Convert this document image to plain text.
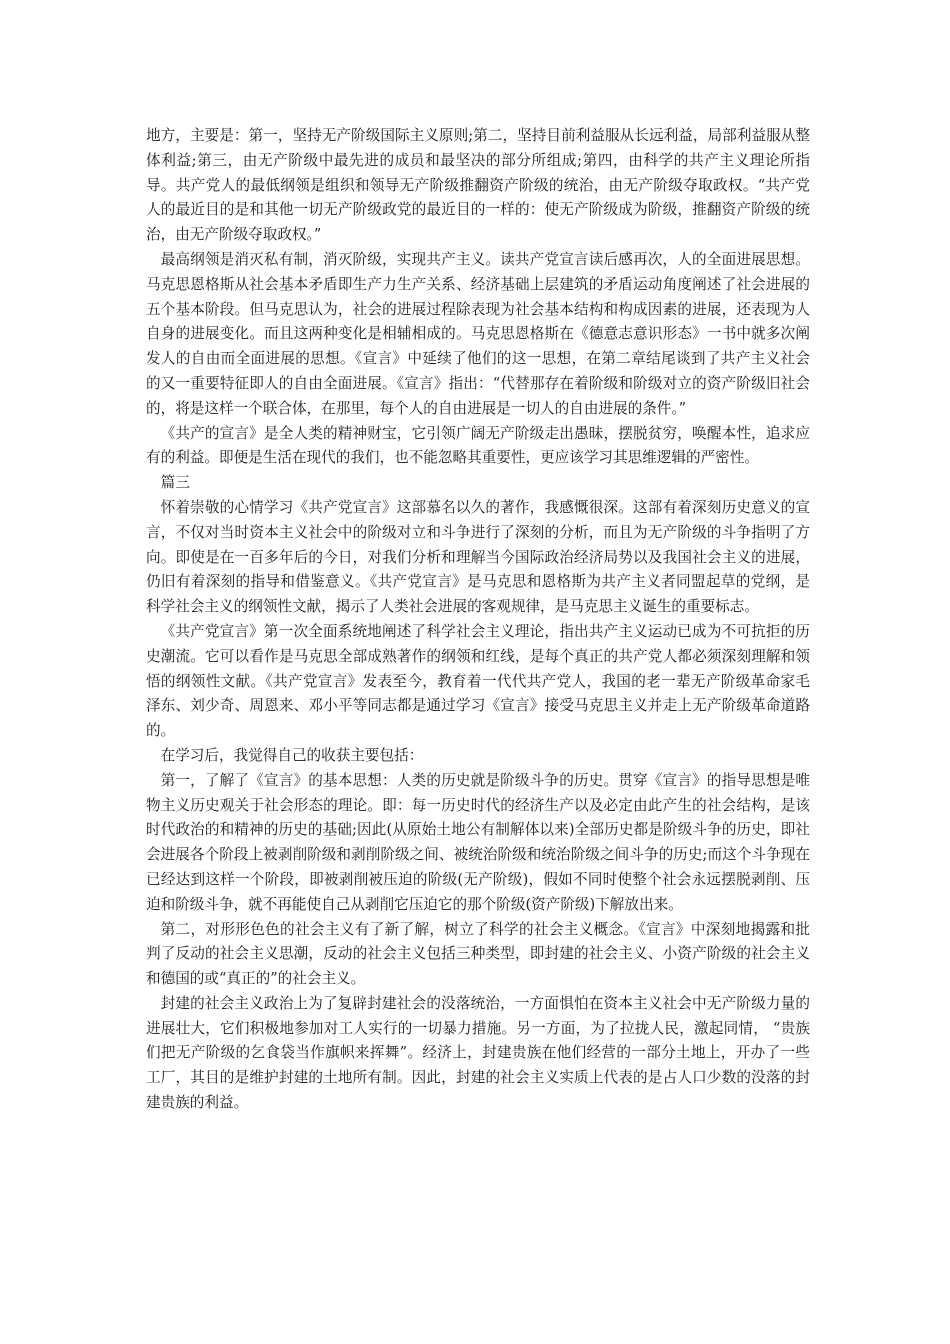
地方，主要是：第一，坚持无产阶级国际主义原则;第二，坚持目前利益服从长远利益，局部利益服从整体利益;第三，由无产阶级中最先进的成员和最坚决的部分所组成;第四，由科学的共产主义理论所指导。共产党人的最低纲领是组织和领导无产阶级推翻资产阶级的统治，由无产阶级夺取政权。“共产党人的最近目的是和其他一切无产阶级政党的最近目的一样的：使无产阶级成为阶级，推翻资产阶级的统治，由无产阶级夺取政权。”

最高纲领是消灭私有制，消灭阶级，实现共产主义。读共产党宣言读后感再次，人的全面进展思想。马克思恩格斯从社会基本矛盾即生产力生产关系、经济基础上层建筑的矛盾运动角度阐述了社会进展的五个基本阶段。但马克思认为，社会的进展过程除表现为社会基本结构和构成因素的进展，还表现为人自身的进展变化。而且这两种变化是相辅相成的。马克思恩格斯在《德意志意识形态》一书中就多次阐发人的自由而全面进展的思想。《宣言》中延续了他们的这一思想，在第二章结尾谈到了共产主义社会的又一重要特征即人的自由全面进展。《宣言》指出：“代替那存在着阶级和阶级对立的资产阶级旧社会的，将是这样一个联合体，在那里，每个人的自由进展是一切人的自由进展的条件。”

《共产的宣言》是全人类的精神财宝，它引领广阔无产阶级走出愚昧，摆脱贫穷，唤醒本性，追求应有的利益。即便是生活在现代的我们，也不能忽略其重要性，更应该学习其思维逻辑的严密性。

篇三

怀着崇敬的心情学习《共产党宣言》这部慕名以久的著作，我感慨很深。这部有着深刻历史意义的宣言，不仅对当时资本主义社会中的阶级对立和斗争进行了深刻的分析，而且为无产阶级的斗争指明了方向。即使是在一百多年后的今日，对我们分析和理解当今国际政治经济局势以及我国社会主义的进展，仍旧有着深刻的指导和借鉴意义。《共产党宣言》是马克思和恩格斯为共产主义者同盟起草的党纲，是科学社会主义的纲领性文献，揭示了人类社会进展的客观规律，是马克思主义诞生的重要标志。

《共产党宣言》第一次全面系统地阐述了科学社会主义理论，指出共产主义运动已成为不可抗拒的历史潮流。它可以看作是马克思全部成熟著作的纲领和红线，是每个真正的共产党人都必须深刻理解和领悟的纲领性文献。《共产党宣言》发表至今，教育着一代代共产党人，我国的老一辈无产阶级革命家毛泽东、刘少奇、周恩来、邓小平等同志都是通过学习《宣言》接受马克思主义并走上无产阶级革命道路的。

在学习后，我觉得自己的收获主要包括：

第一，了解了《宣言》的基本思想：人类的历史就是阶级斗争的历史。贯穿《宣言》的指导思想是唯物主义历史观关于社会形态的理论。即：每一历史时代的经济生产以及必定由此产生的社会结构，是该时代政治的和精神的历史的基础;因此(从原始土地公有制解体以来)全部历史都是阶级斗争的历史，即社会进展各个阶段上被剥削阶级和剥削阶级之间、被统治阶级和统治阶级之间斗争的历史;而这个斗争现在已经达到这样一个阶段，即被剥削被压迫的阶级(无产阶级)，假如不同时使整个社会永远摆脱剥削、压迫和阶级斗争，就不再能使自己从剥削它压迫它的那个阶级(资产阶级)下解放出来。

第二，对形形色色的社会主义有了新了解，树立了科学的社会主义概念。《宣言》中深刻地揭露和批判了反动的社会主义思潮，反动的社会主义包括三种类型，即封建的社会主义、小资产阶级的社会主义和德国的或“真正的”的社会主义。

封建的社会主义政治上为了复辟封建社会的没落统治，一方面惧怕在资本主义社会中无产阶级力量的进展壮大，它们积极地参加对工人实行的一切暴力措施。另一方面，为了拉拢人民，激起同情， “贵族们把无产阶级的乞食袋当作旗帜来挥舞”。经济上，封建贵族在他们经营的一部分土地上，开办了一些工厂，其目的是维护封建的土地所有制。因此，封建的社会主义实质上代表的是占人口少数的没落的封建贵族的利益。
